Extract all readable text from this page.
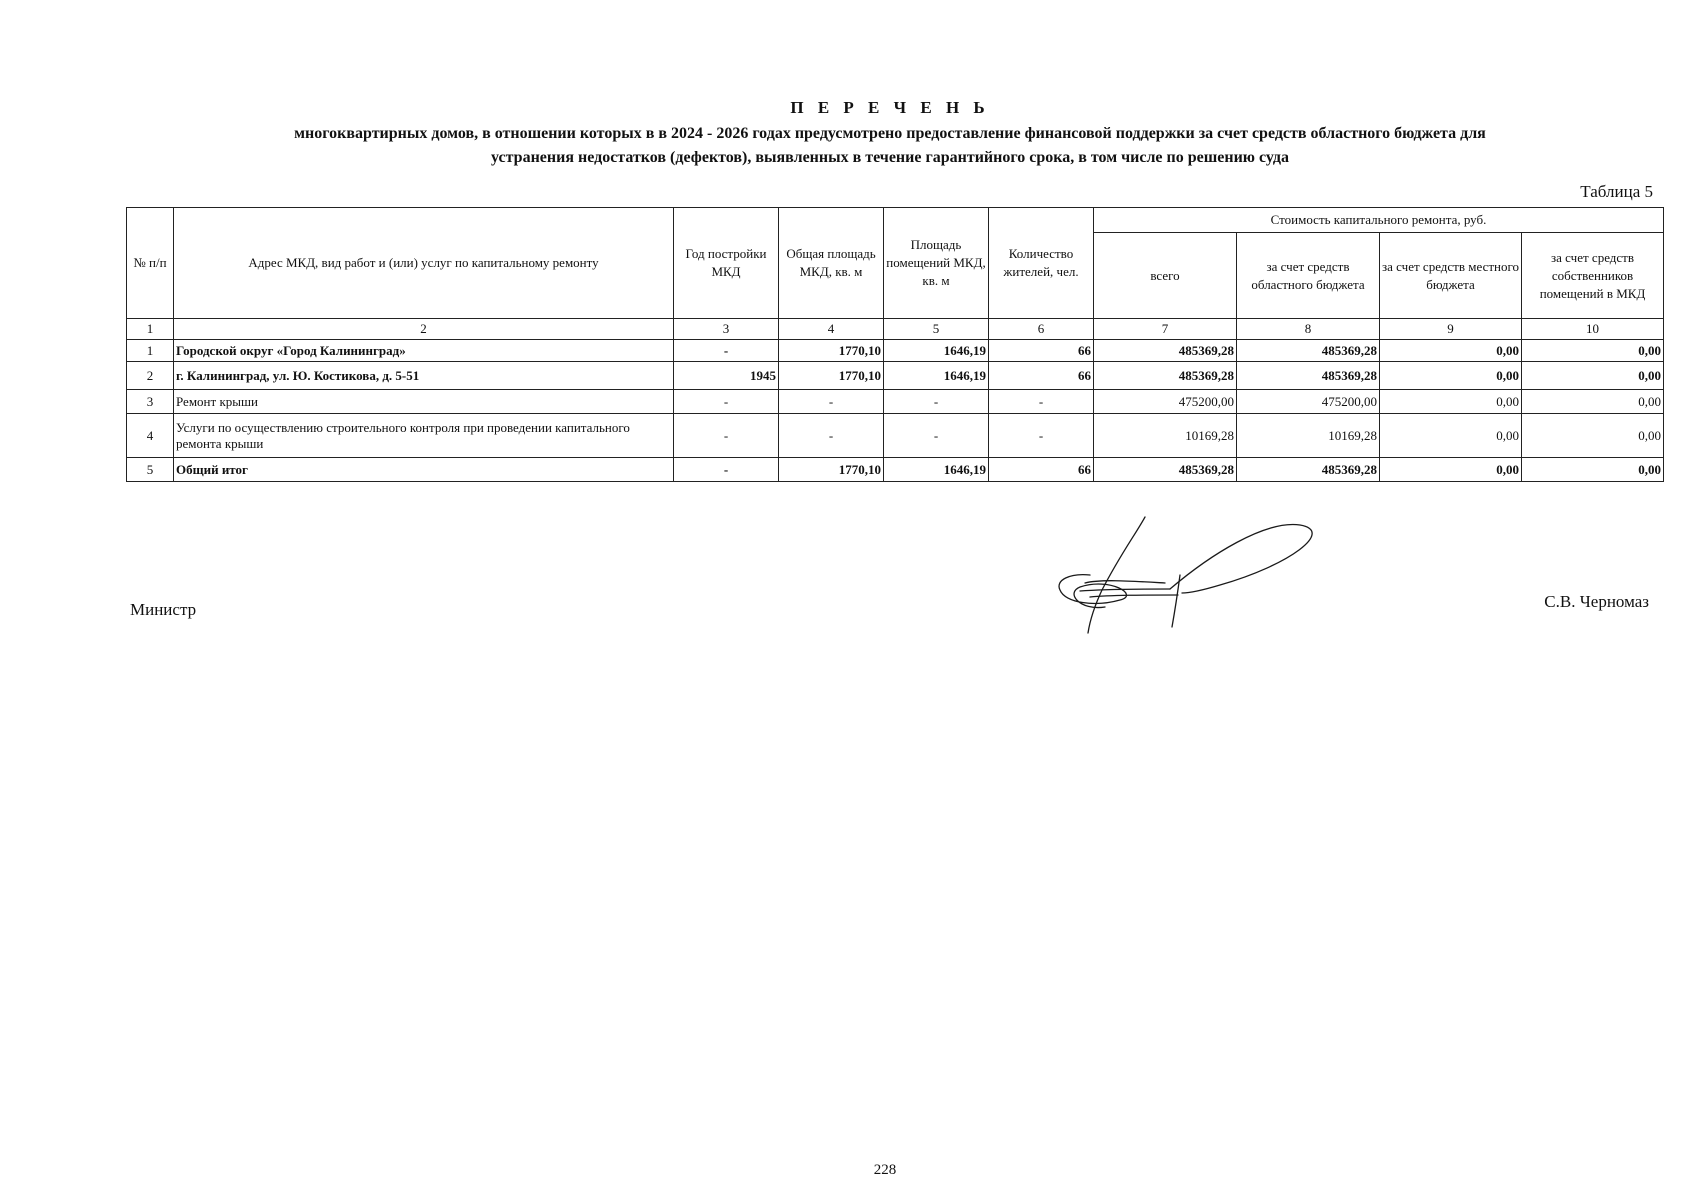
П Е Р Е Ч Е Н Ь
многоквартирных домов, в отношении которых в в 2024 - 2026 годах предусмотрено предоставление финансовой поддержки за счет средств областного бюджета для
устранения недостатков (дефектов), выявленных в течение гарантийного срока, в том числе по решению суда
Таблица 5
№ п/п	Адрес МКД, вид работ и (или) услуг по капитальному ремонту	Год постройки МКД	Общая площадь МКД, кв. м	Площадь помещений МКД, кв. м	Количество жителей, чел.	Стоимость капитального ремонта, руб.			
						всего	за счет средств областного бюджета	за счет средств местного бюджета	за счет средств собственников помещений в МКД
1	2	3	4	5	6	7	8	9	10
1	Городской округ «Город Калининград»	-	1770,10	1646,19	66	485369,28	485369,28	0,00	0,00
2	г. Калининград, ул. Ю. Костикова, д. 5-51	1945	1770,10	1646,19	66	485369,28	485369,28	0,00	0,00
3	Ремонт крыши	-	-	-	-	475200,00	475200,00	0,00	0,00
4	Услуги по осуществлению строительного контроля при проведении капитального ремонта крыши	-	-	-	-	10169,28	10169,28	0,00	0,00
5	Общий итог	-	1770,10	1646,19	66	485369,28	485369,28	0,00	0,00
Министр	С.В. Черномаз
228
